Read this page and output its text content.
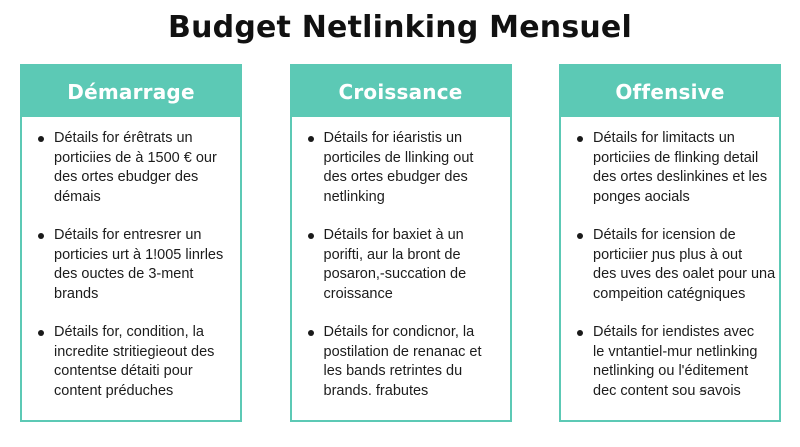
Budget Netlinking Mensuel
Démarrage
Détails for érêtrats un
porticiies de à 1500 € our
des ortes ebudger des
démais
Détails for entresrer un
porticies urt à 1!005 linrles
des ouctes de 3-ment
brands
Détails for, condition, la
incredite stritiegieout des
contentse détaiti pour
content préduches
Croissance
Détails for iéaristis un
porticiles de llinking out
des ortes ebudger des
netlinking
Détails for baxiet à un
porifti, aur la bront de
posaron,-succation de
croissance
Détails for condicnor, la
postilation de renanac et
les bands retrintes du
brands. frabutes
Offensive
Détails for limitacts un
porticiies de flinking detail
des ortes deslinkines et les
ponges aocials
Détails for icension de
porticiier ɲus plus à out
des uves des oalet pour una
compeition catégniques
Détails for iendistes avec
le vntantiel-mur netlinking
netlinking ou l'éditement
dec content sou ꞩavois
